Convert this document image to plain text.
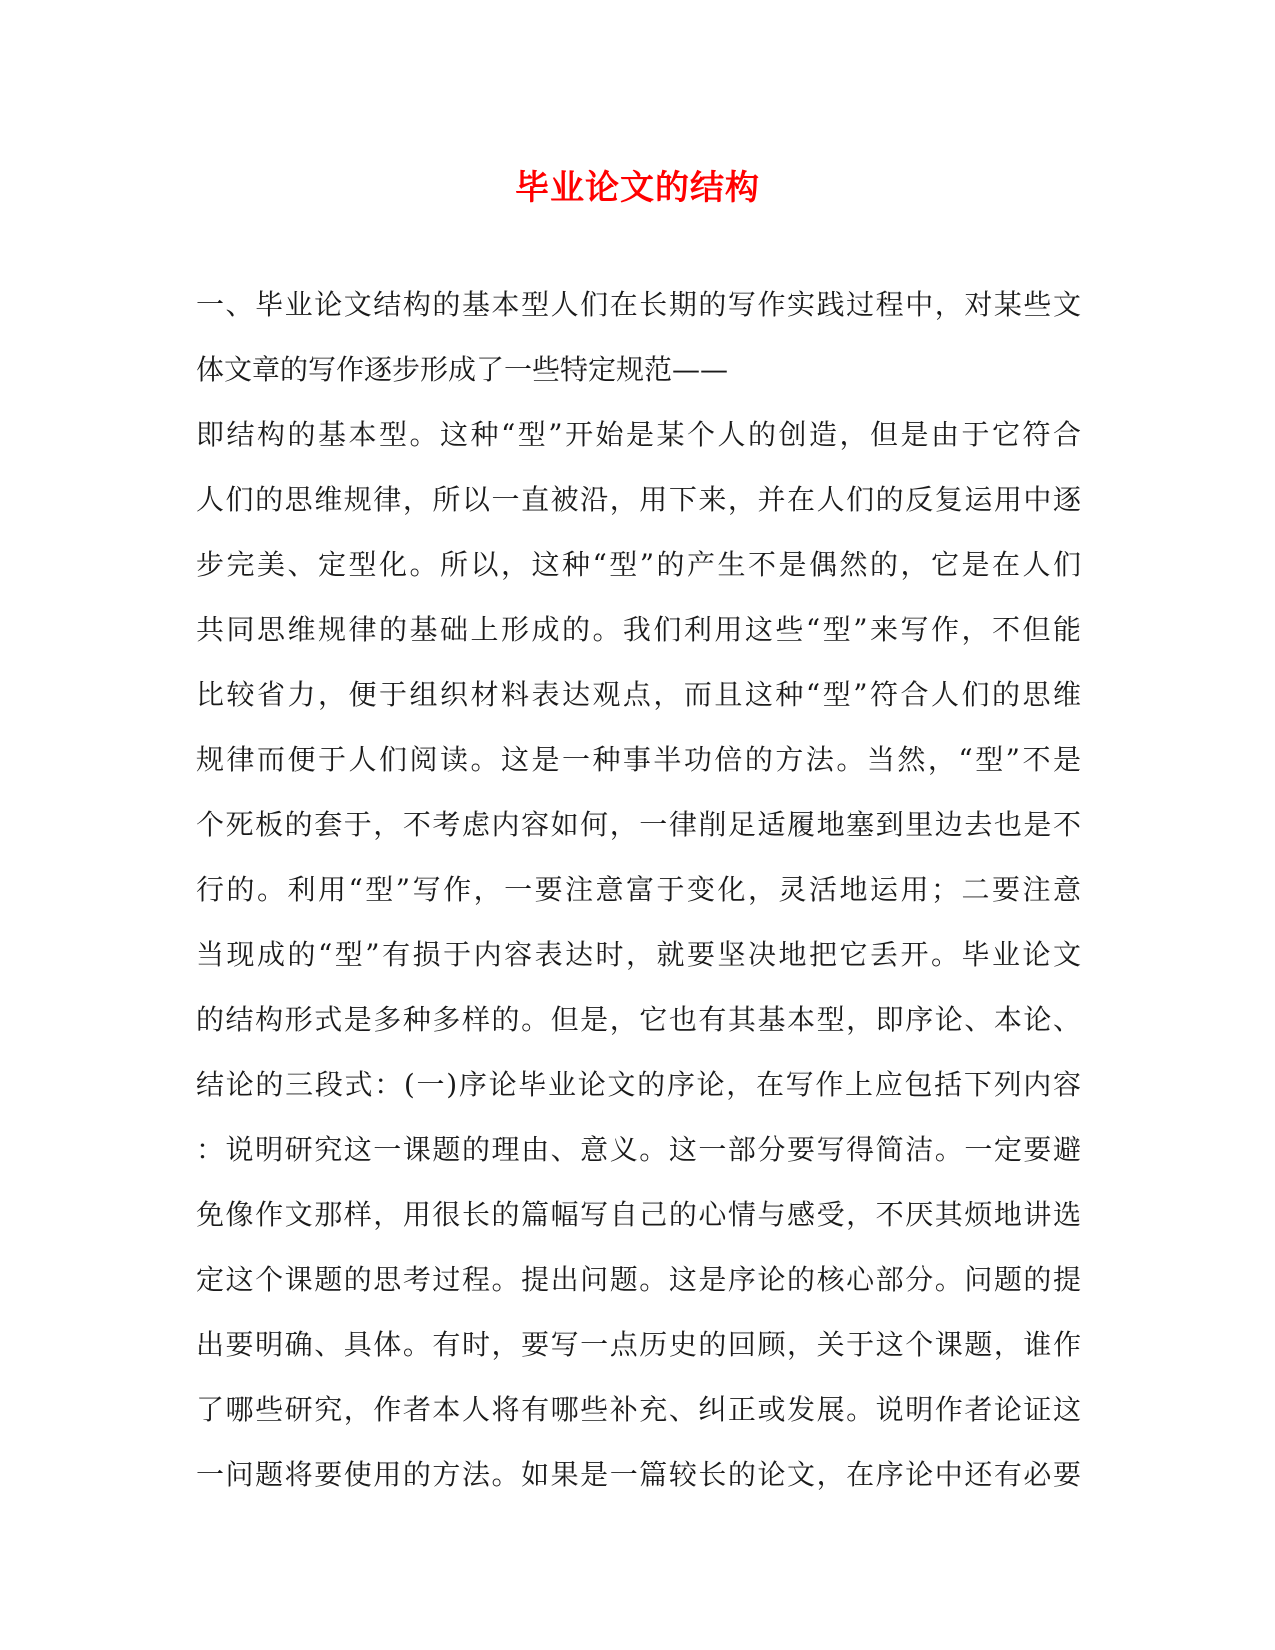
毕业论文的结构
一、毕业论文结构的基本型人们在长期的写作实践过程中，对某些文
体文章的写作逐步形成了一些特定规范——
即结构的基本型。这种“型”开始是某个人的创造，但是由于它符合
人们的思维规律，所以一直被沿，用下来，并在人们的反复运用中逐
步完美、定型化。所以，这种“型”的产生不是偶然的，它是在人们
共同思维规律的基础上形成的。我们利用这些“型”来写作，不但能
比较省力，便于组织材料表达观点，而且这种“型”符合人们的思维
规律而便于人们阅读。这是一种事半功倍的方法。当然，“型”不是
个死板的套于，不考虑内容如何，一律削足适履地塞到里边去也是不
行的。利用“型”写作，一要注意富于变化，灵活地运用；二要注意
当现成的“型”有损于内容表达时，就要坚决地把它丢开。毕业论文
的结构形式是多种多样的。但是，它也有其基本型，即序论、本论、
结论的三段式：(一)序论毕业论文的序论，在写作上应包括下列内容
：说明研究这一课题的理由、意义。这一部分要写得简洁。一定要避
免像作文那样，用很长的篇幅写自己的心情与感受，不厌其烦地讲选
定这个课题的思考过程。提出问题。这是序论的核心部分。问题的提
出要明确、具体。有时，要写一点历史的回顾，关于这个课题，谁作
了哪些研究，作者本人将有哪些补充、纠正或发展。说明作者论证这
一问题将要使用的方法。如果是一篇较长的论文，在序论中还有必要
